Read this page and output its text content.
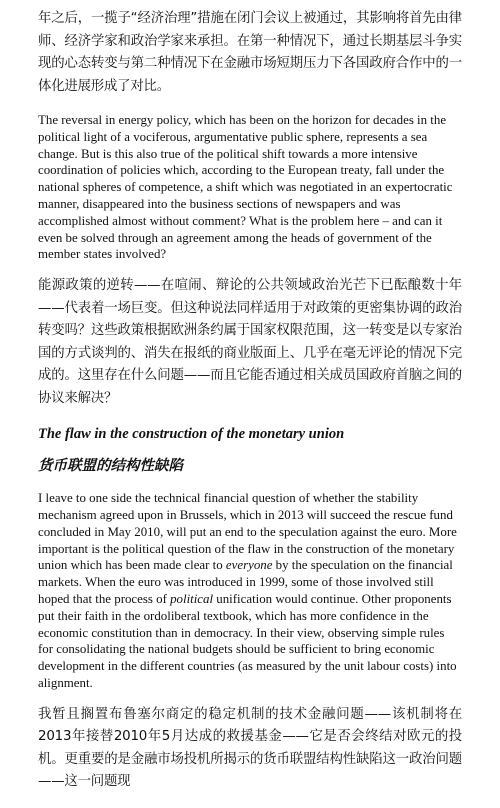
年之后，一揽子“经济治理”措施在闭门会议上被通过，其影响将首先由律师、经济学家和政治学家来承担。在第一种情况下，通过长期基层斗争实现的心态转变与第二种情况下在金融市场短期压力下各国政府合作中的一体化进展形成了对比。

The reversal in energy policy, which has been on the horizon for decades in the political light of a vociferous, argumentative public sphere, represents a sea change. But is this also true of the political shift towards a more intensive coordination of policies which, according to the European treaty, fall under the national spheres of competence, a shift which was negotiated in an expertocratic manner, disappeared into the business sections of newspapers and was accomplished almost without comment? What is the problem here – and can it even be solved through an agreement among the heads of government of the member states involved?

能源政策的逆转——在喧闹、辩论的公共领域政治光芒下已酝酿数十年——代表着一场巨变。但这种说法同样适用于对政策的更密集协调的政治转变吗？这些政策根据欧洲条约属于国家权限范围，这一转变是以专家治国的方式谈判的、消失在报纸的商业版面上、几乎在毫无评论的情况下完成的。这里存在什么问题——而且它能否通过相关成员国政府首脑之间的协议来解决？

The flaw in the construction of the monetary union
货币联盟的结构性缺陷

I leave to one side the technical financial question of whether the stability mechanism agreed upon in Brussels, which in 2013 will succeed the rescue fund concluded in May 2010, will put an end to the speculation against the euro. More important is the political question of the flaw in the construction of the monetary union which has been made clear to everyone by the speculation on the financial markets. When the euro was introduced in 1999, some of those involved still hoped that the process of political unification would continue. Other proponents put their faith in the ordoliberal textbook, which has more confidence in the economic constitution than in democracy. In their view, observing simple rules for consolidating the national budgets should be sufficient to bring economic development in the different countries (as measured by the unit labour costs) into alignment.

我暂且搁置布鲁塞尔商定的稳定机制的技术金融问题——该机制将在2013年接替2010年5月达成的救援基金——它是否会终结对欧元的投机。更重要的是金融市场投机所揭示的货币联盟结构性缺陷这一政治问题——这一问题现
